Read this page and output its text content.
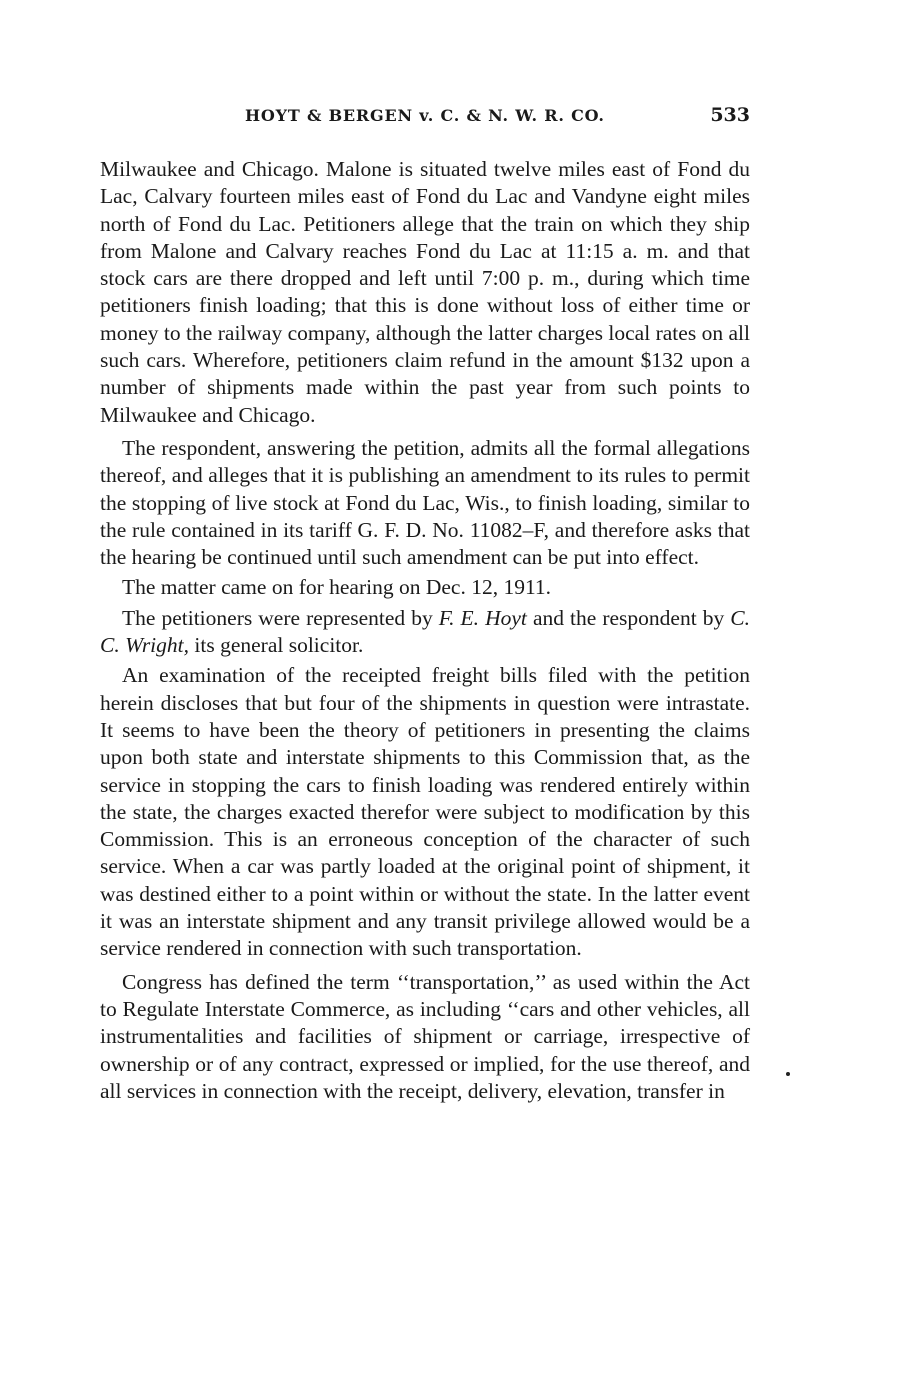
HOYT & BERGEN v. C. & N. W. R. CO.	533

Milwaukee and Chicago. Malone is situated twelve miles east of Fond du Lac, Calvary fourteen miles east of Fond du Lac and Vandyne eight miles north of Fond du Lac. Petitioners allege that the train on which they ship from Malone and Calvary reaches Fond du Lac at 11:15 a. m. and that stock cars are there dropped and left until 7:00 p. m., during which time petitioners finish loading; that this is done without loss of either time or money to the railway company, although the latter charges local rates on all such cars. Wherefore, petitioners claim refund in the amount $132 upon a number of shipments made within the past year from such points to Milwaukee and Chicago.

The respondent, answering the petition, admits all the formal allegations thereof, and alleges that it is publishing an amendment to its rules to permit the stopping of live stock at Fond du Lac, Wis., to finish loading, similar to the rule contained in its tariff G. F. D. No. 11082–F, and therefore asks that the hearing be continued until such amendment can be put into effect.

The matter came on for hearing on Dec. 12, 1911.

The petitioners were represented by F. E. Hoyt and the respondent by C. C. Wright, its general solicitor.

An examination of the receipted freight bills filed with the petition herein discloses that but four of the shipments in question were intrastate. It seems to have been the theory of petitioners in presenting the claims upon both state and interstate shipments to this Commission that, as the service in stopping the cars to finish loading was rendered entirely within the state, the charges exacted therefor were subject to modification by this Commission. This is an erroneous conception of the character of such service. When a car was partly loaded at the original point of shipment, it was destined either to a point within or without the state. In the latter event it was an interstate shipment and any transit privilege allowed would be a service rendered in connection with such transportation.

Congress has defined the term ‘‘transportation,’’ as used within the Act to Regulate Interstate Commerce, as including ‘‘cars and other vehicles, all instrumentalities and facilities of shipment or carriage, irrespective of ownership or of any contract, expressed or implied, for the use thereof, and all services in connection with the receipt, delivery, elevation, transfer in
